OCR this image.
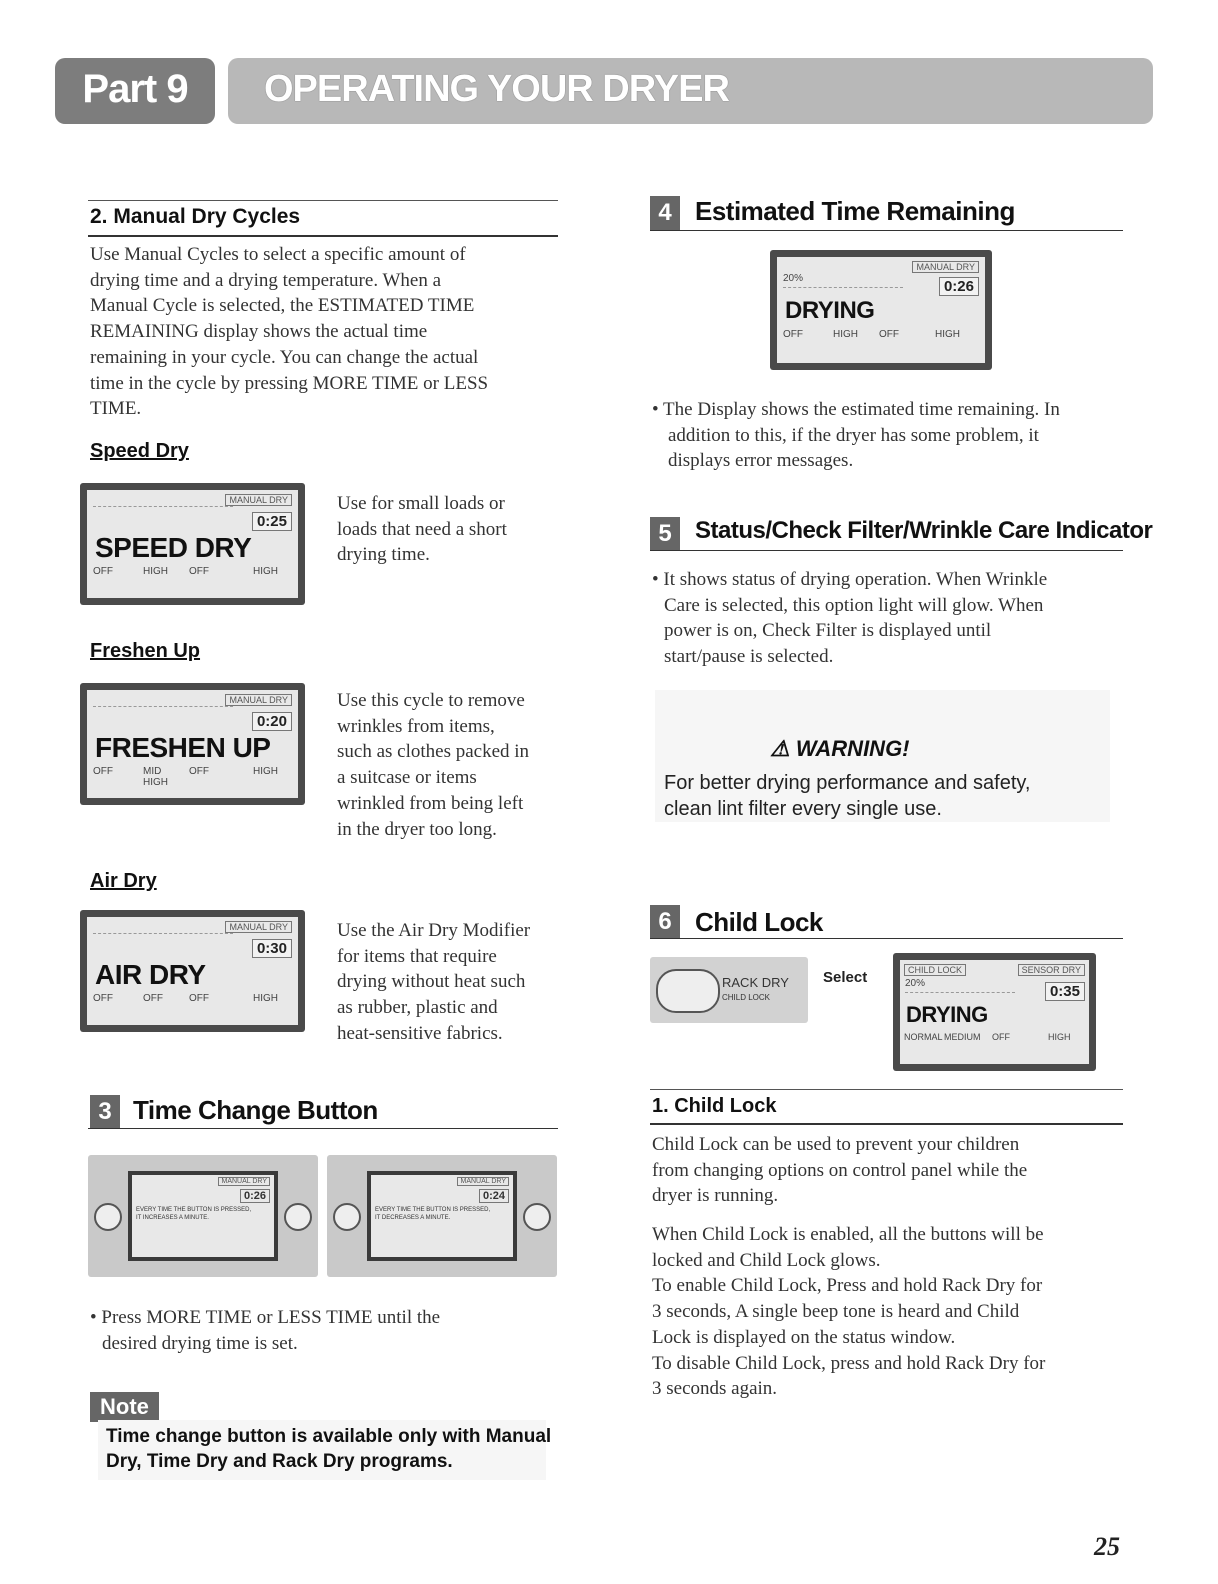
Part 9	OPERATING YOUR DRYER
2. Manual Dry Cycles
Use Manual Cycles to select a specific amount of
drying time and a drying temperature. When a
Manual Cycle is selected, the ESTIMATED TIME
REMAINING display shows the actual time
remaining in your cycle. You can change the actual
time in the cycle by pressing MORE TIME or LESS
TIME.
Speed Dry
MANUAL DRY
0:25
SPEED DRY
OFF	HIGH OFF	HIGH
Use for small loads or
loads that need a short
drying time.
Freshen Up
MANUAL DRY
0:20
FRESHEN UP
OFF	MID HIGH
OFF	HIGH
Use this cycle to remove
wrinkles from items,
such as clothes packed in
a suitcase or items
wrinkled from being left
in the dryer too long.
Air Dry
MANUAL DRY
0:30
AIR DRY
OFF	OFF	OFF	HIGH
Use the Air Dry Modifier
for items that require
drying without heat such
as rubber, plastic and
heat-sensitive fabrics.
3 Time Change Button
MANUAL DRY
0:26
EVERY TIME THE BUTTON IS PRESSED,
IT INCREASES A MINUTE.
MANUAL DRY
0:24
EVERY TIME THE BUTTON IS PRESSED,
IT DECREASES A MINUTE.
• Press MORE TIME or LESS TIME until the
desired drying time is set.
Note
Time change button is available only with Manual
Dry, Time Dry and Rack Dry programs.
4 Estimated Time Remaining
MANUAL DRY
20%	0:26
DRYING
OFF	HIGH OFF	HIGH
• The Display shows the estimated time remaining. In
addition to this, if the dryer has some problem, it
displays error messages.
5 Status/Check Filter/Wrinkle Care Indicator
• It shows status of drying operation. When Wrinkle
Care is selected, this option light will glow. When
power is on, Check Filter is displayed until
start/pause is selected.
⚠ WARNING!
For better drying performance and safety,
clean lint filter every single use.
6 Child Lock
RACK DRY
CHILD LOCK
Select	CHILD LOCK	SENSOR DRY
20%	0:35
DRYING
NORMAL MEDIUM OFF	HIGH
1. Child Lock
Child Lock can be used to prevent your children
from changing options on control panel while the
dryer is running.
When Child Lock is enabled, all the buttons will be
locked and Child Lock glows.
To enable Child Lock, Press and hold Rack Dry for
3 seconds, A single beep tone is heard and Child
Lock is displayed on the status window.
To disable Child Lock, press and hold Rack Dry for
3 seconds again.
25
